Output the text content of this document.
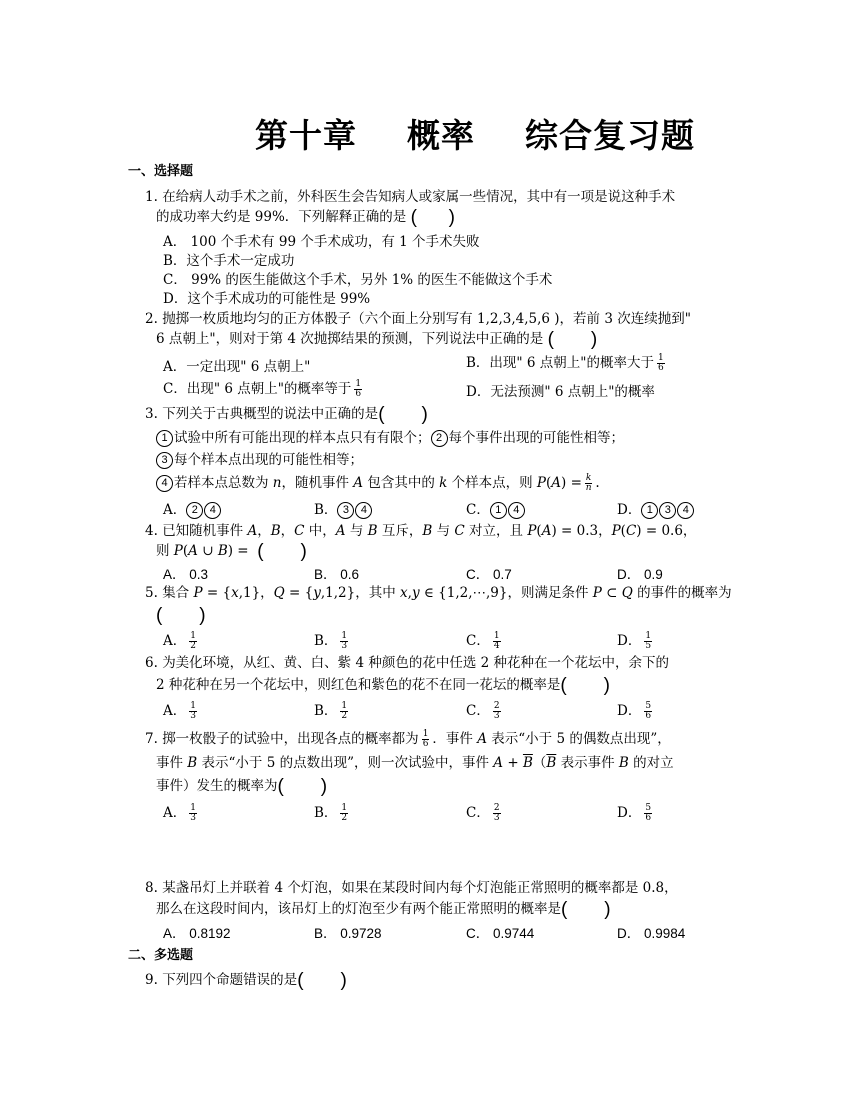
第十章 概率 综合复习题
一、选择题
1. 在给病人动手术之前，外科医生会告知病人或家属一些情况，其中有一项是说这种手术
的成功率大约是 99%．下列解释正确的是 (      )
A． 100 个手术有 99 个手术成功，有 1 个手术失败
B．这个手术一定成功
C． 99% 的医生能做这个手术，另外 1% 的医生不能做这个手术
D．这个手术成功的可能性是 99%
2. 抛掷一枚质地均匀的正方体骰子（六个面上分别写有 1,2,3,4,5,6 )，若前 3 次连续抛到"
6 点朝上"，则对于第 4 次抛掷结果的预测，下列说法中正确的是 (       )
A．一定出现" 6 点朝上"	B．出现" 6 点朝上"的概率大于 $\frac{1}{6}$
C．出现" 6 点朝上"的概率等于 $\frac{1}{6}$	D．无法预测" 6 点朝上"的概率
3. 下列关于古典概型的说法中正确的是(       )
1 试验中所有可能出现的样本点只有有限个； 2 每个事件出现的可能性相等；
3 每个样本点出现的可能性相等；
4 若样本点总数为 n，随机事件 A 包含其中的 k 个样本点，则 $P(A) = \frac{k}{n}$ .
A． 2 4	B． 3 4	C． 1 4	D． 1 3 4
4. 已知随机事件 A，B，C 中，A 与 B 互斥，B 与 C 对立，且 P(A) = 0.3，P(C) = 0.6，
则 P(A ∪ B) =  (       )
A． 0.3	B． 0.6	C． 0.7	D． 0.9
5. 集合 P = {x,1}，Q = {y,1,2}，其中 x,y ∈ {1,2,⋯,9}，则满足条件 P ⊂ Q 的事件的概率为
(       )
A． $\frac{1}{2}$	B． $\frac{1}{3}$	C． $\frac{1}{4}$	D． $\frac{1}{5}$
6. 为美化环境，从红、黄、白、紫 4 种颜色的花中任选 2 种花种在一个花坛中，余下的
2 种花种在另一个花坛中，则红色和紫色的花不在同一花坛的概率是(       )
A． $\frac{1}{3}$	B． $\frac{1}{2}$	C． $\frac{2}{3}$	D． $\frac{5}{6}$
7. 掷一枚骰子的试验中，出现各点的概率都为 $\frac{1}{6}$ ．事件 A 表示“小于 5 的偶数点出现”，
事件 B 表示“小于 5 的点数出现”，则一次试验中，事件 $A + \overline{B}(\overline{B}$ 表示事件 B 的对立
事件）发生的概率为(       )
A． $\frac{1}{3}$	B． $\frac{1}{2}$	C． $\frac{2}{3}$	D． $\frac{5}{6}$
8. 某盏吊灯上并联着 4 个灯泡，如果在某段时间内每个灯泡能正常照明的概率都是 0.8，
那么在这段时间内，该吊灯上的灯泡至少有两个能正常照明的概率是(       )
A． 0.8192	B． 0.9728	C． 0.9744	D． 0.9984
二、多选题
9. 下列四个命题错误的是(       )
